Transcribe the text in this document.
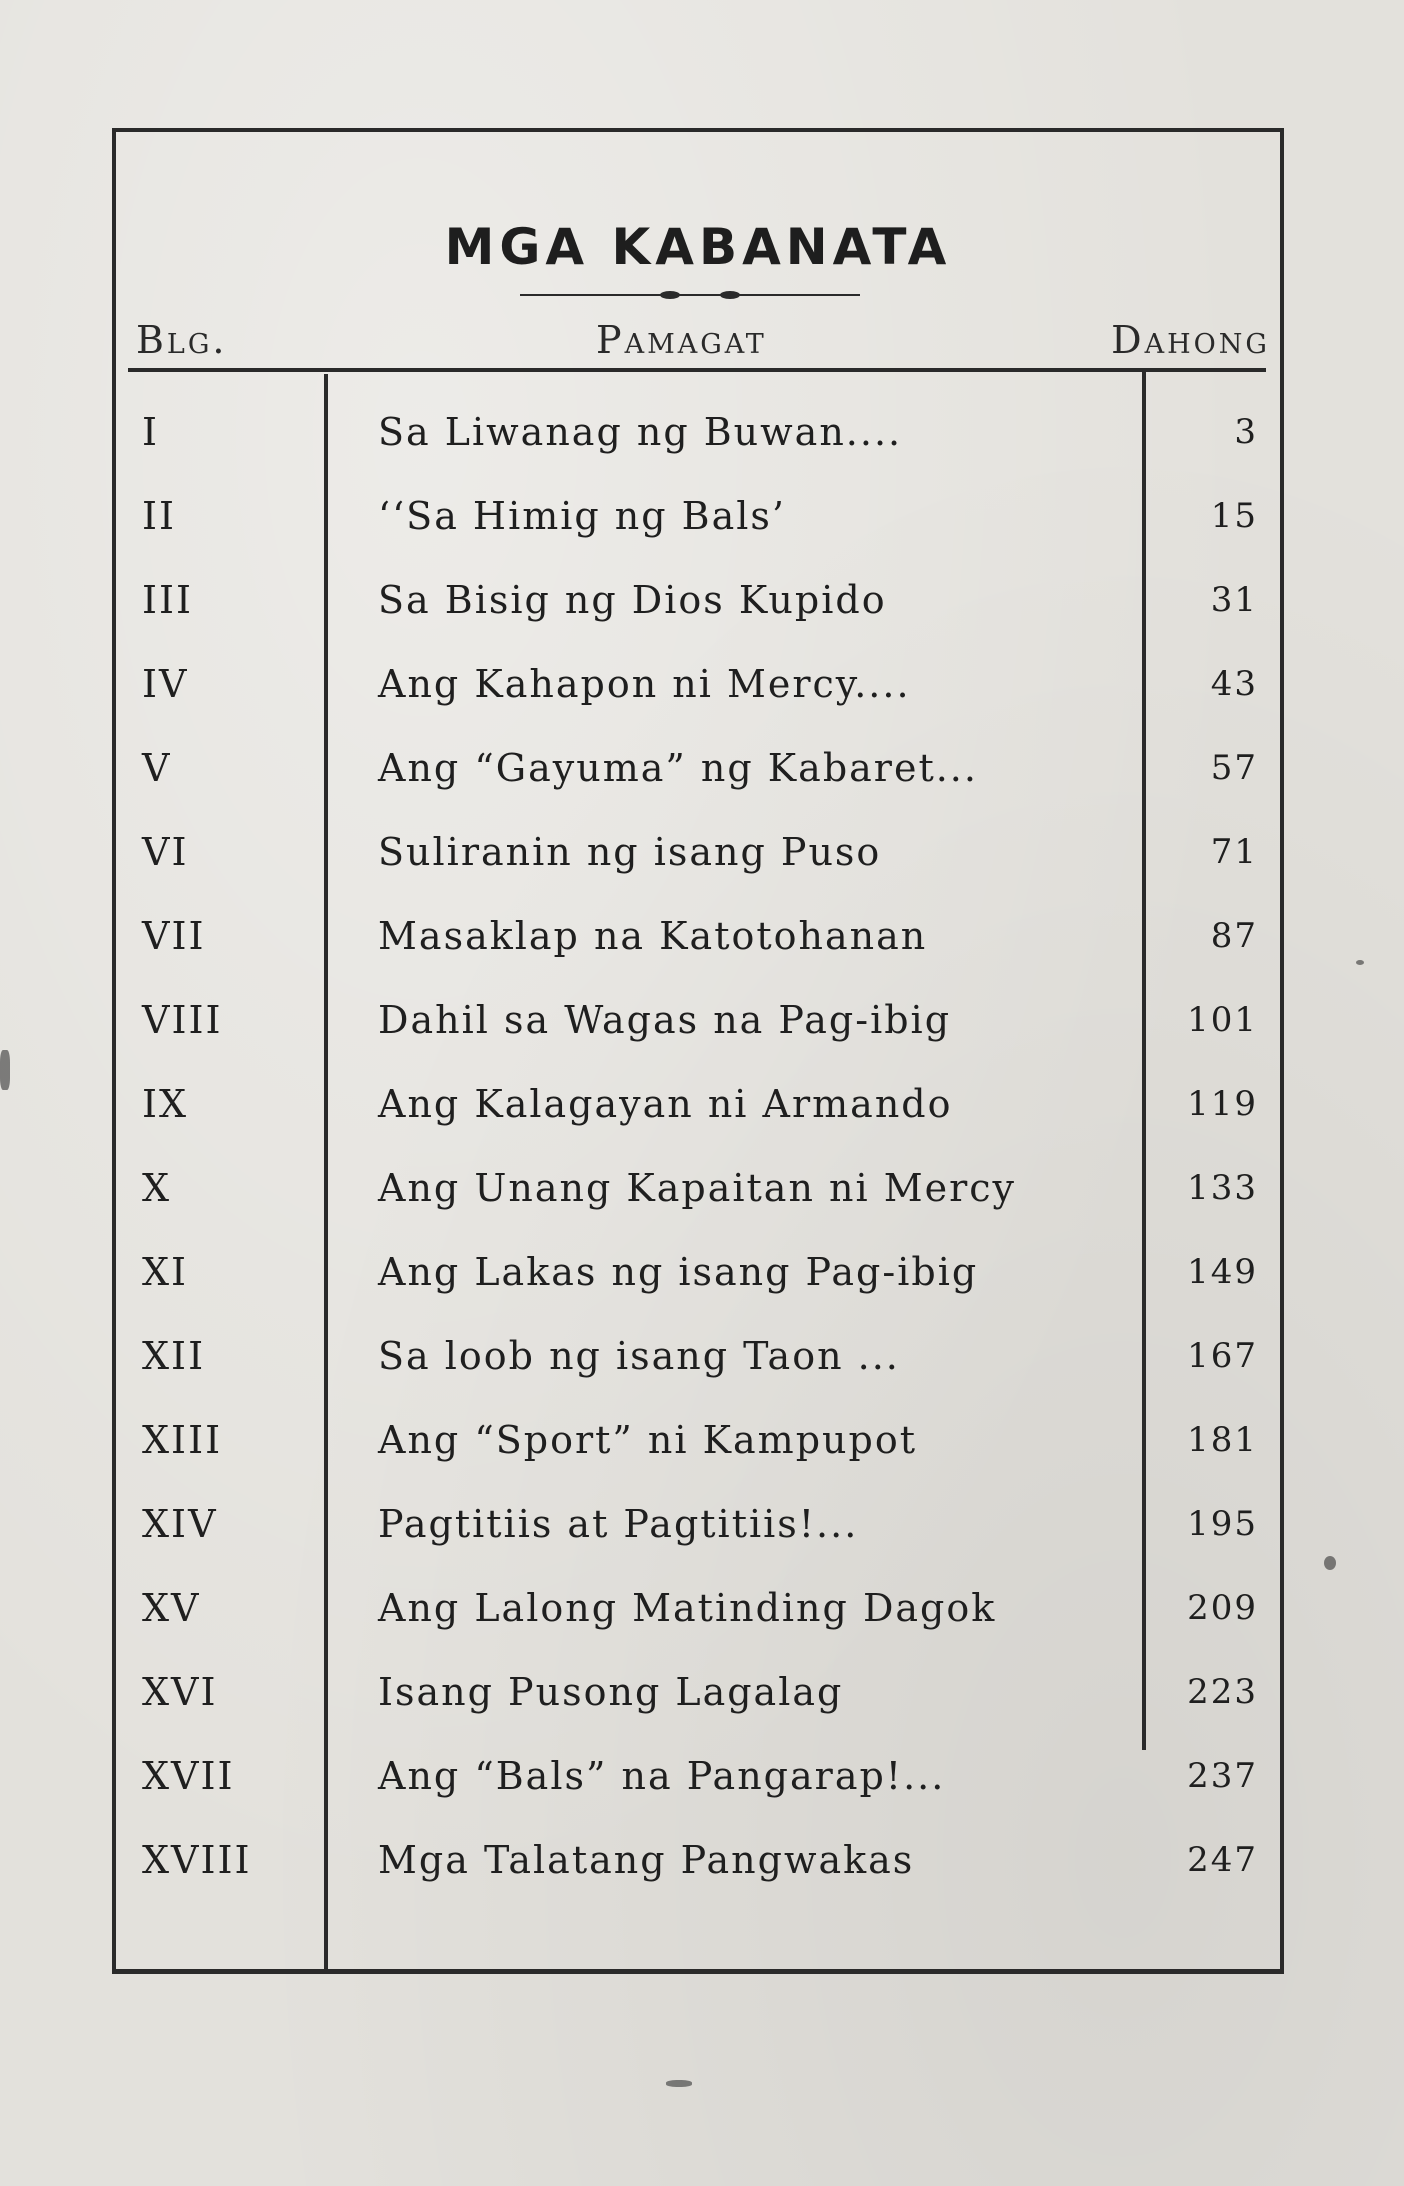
MGA KABANATA
Blg.	Pamagat	Dahong
I	Sa Liwanag ng Buwan....	3
II	‘‘Sa Himig ng Bals’	15
III	Sa Bisig ng Dios Kupido	31
IV	Ang Kahapon ni Mercy....	43
V	Ang “Gayuma” ng Kabaret...	57
VI	Suliranin ng isang Puso	71
VII	Masaklap na Katotohanan	87
VIII	Dahil sa Wagas na Pag-ibig	101
IX	Ang Kalagayan ni Armando	119
X	Ang Unang Kapaitan ni Mercy	133
XI	Ang Lakas ng isang Pag-ibig	149
XII	Sa loob ng isang Taon ...	167
XIII	Ang “Sport” ni Kampupot	181
XIV	Pagtitiis at Pagtitiis!...	195
XV	Ang Lalong Matinding Dagok	209
XVI	Isang Pusong Lagalag	223
XVII	Ang “Bals” na Pangarap!...	237
XVIII	Mga Talatang Pangwakas	247
